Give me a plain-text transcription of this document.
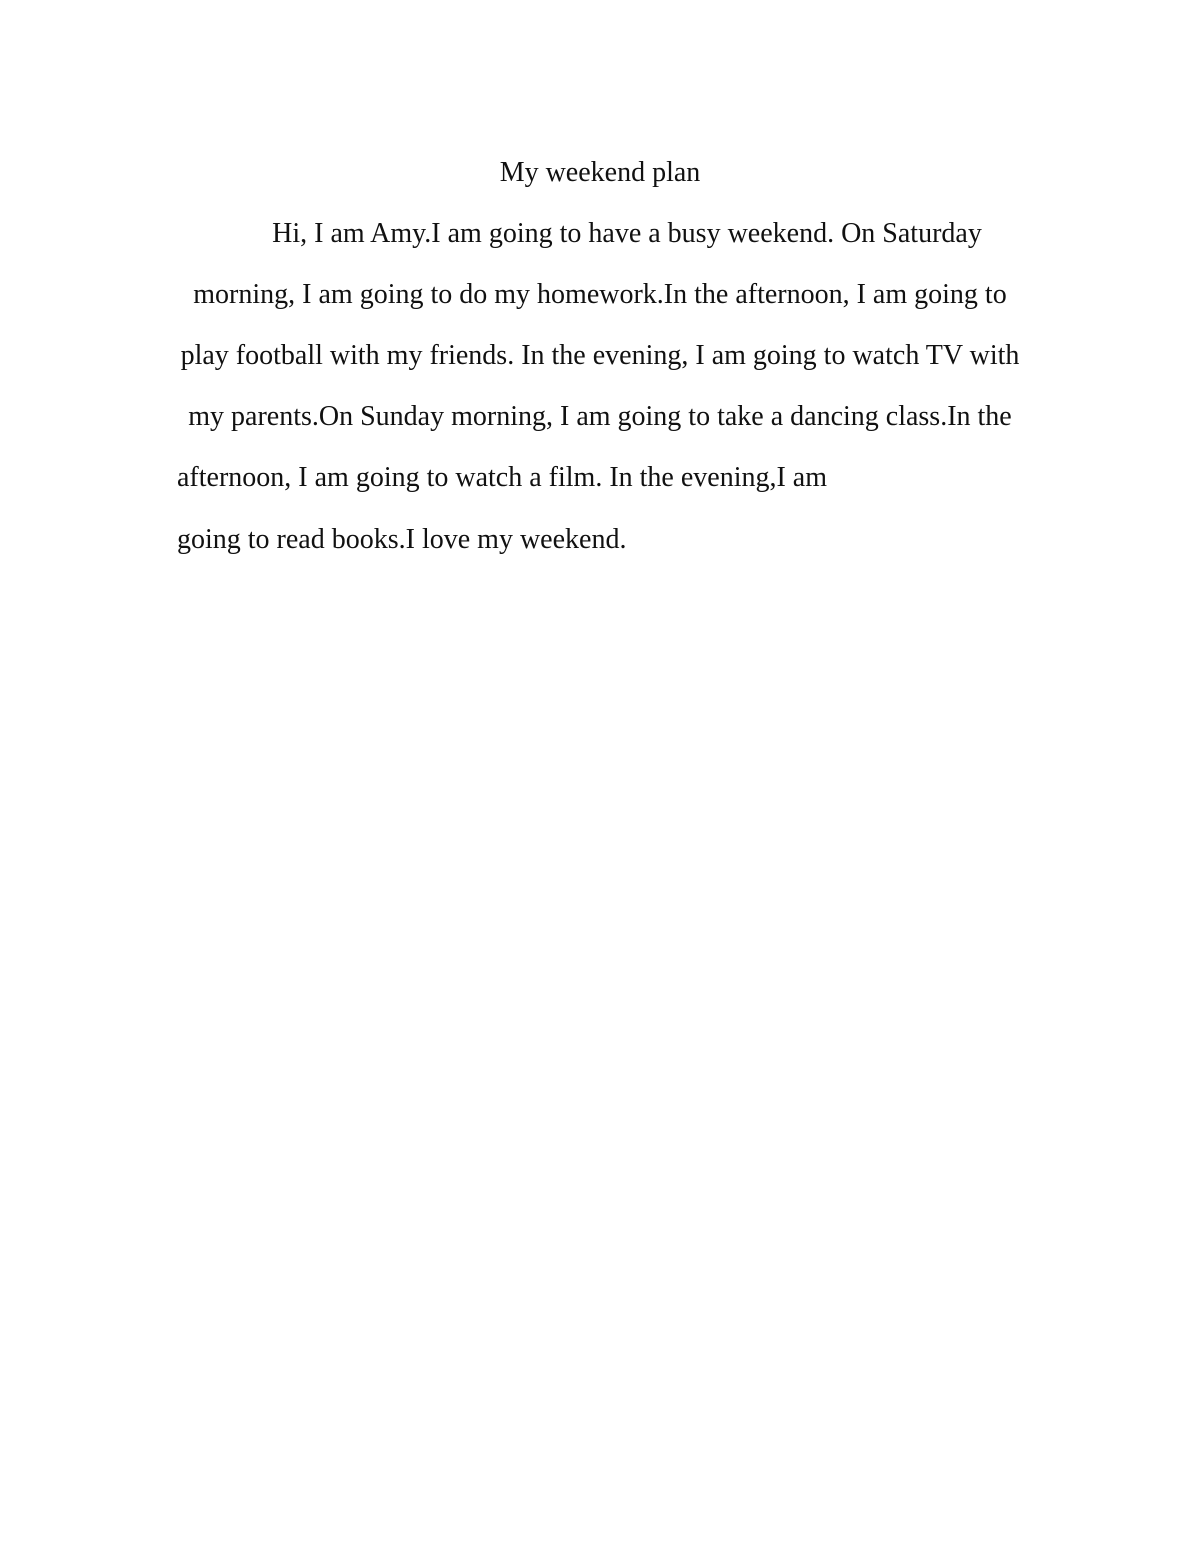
My weekend plan
Hi, I am Amy.I am going to have a busy weekend. On Saturday
morning, I am going to do my homework.In the afternoon, I am going to
play football with my friends. In the evening, I am going to watch TV with
my parents.On Sunday morning, I am going to take a dancing class.In the
afternoon, I am going to watch a film. In the evening,I am
going to read books.I love my weekend.
